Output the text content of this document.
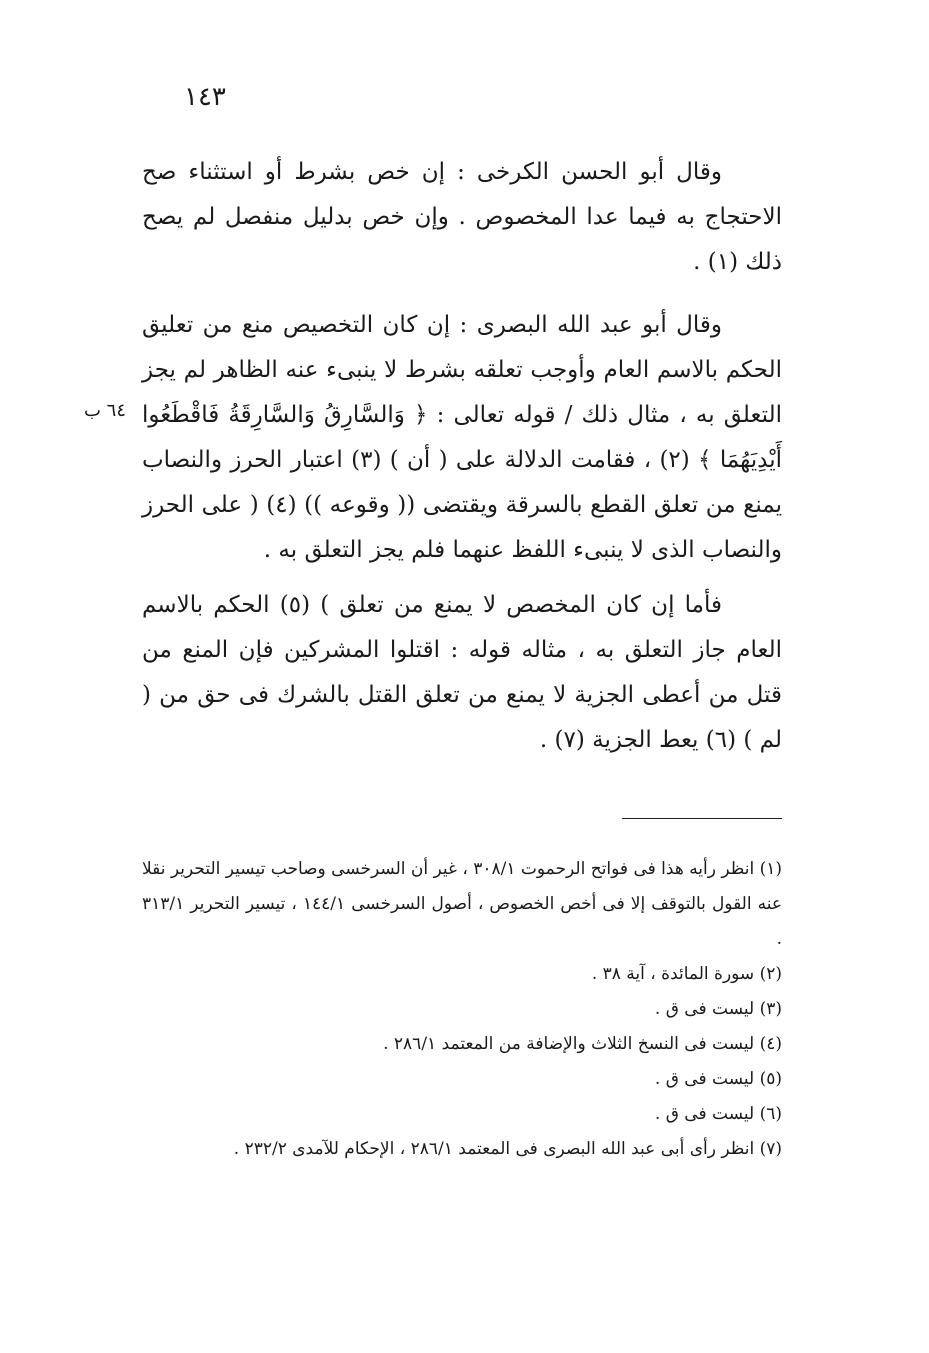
١٤٣
٦٤ ب

وقال أبو الحسن الكرخى : إن خص بشرط أو استثناء صح الاحتجاج به فيما عدا المخصوص . وإن خص بدليل منفصل لم يصح ذلك (١) .

وقال أبو عبد الله البصرى : إن كان التخصيص منع من تعليق الحكم بالاسم العام وأوجب تعلقه بشرط لا ينبىء عنه الظاهر لم يجز التعلق به ، مثال ذلك / قوله تعالى : ﴿ وَالسَّارِقُ وَالسَّارِقَةُ فَاقْطَعُوا أَيْدِيَهُمَا ﴾ (٢) ، فقامت الدلالة على ( أن ) (٣) اعتبار الحرز والنصاب يمنع من تعلق القطع بالسرقة ويقتضى (( وقوعه )) (٤) ( على الحرز والنصاب الذى لا ينبىء اللفظ عنهما فلم يجز التعلق به .

فأما إن كان المخصص لا يمنع من تعلق ) (٥) الحكم بالاسم العام جاز التعلق به ، مثاله قوله : اقتلوا المشركين فإن المنع من قتل من أعطى الجزية لا يمنع من تعلق القتل بالشرك فى حق من ( لم ) (٦) يعط الجزية (٧) .

(١) انظر رأيه هذا فى فواتح الرحموت ٣٠٨/١ ، غير أن السرخسى وصاحب تيسير التحرير نقلا عنه القول بالتوقف إلا فى أخص الخصوص ، أصول السرخسى ١٤٤/١ ، تيسير التحرير ٣١٣/١ .

(٢) سورة المائدة ، آية ٣٨ .

(٣) ليست فى ق .

(٤) ليست فى النسخ الثلاث والإضافة من المعتمد ٢٨٦/١ .

(٥) ليست فى ق .

(٦) ليست فى ق .

(٧) انظر رأى أبى عبد الله البصرى فى المعتمد ٢٨٦/١ ، الإحكام للآمدى ٢٣٢/٢ .
